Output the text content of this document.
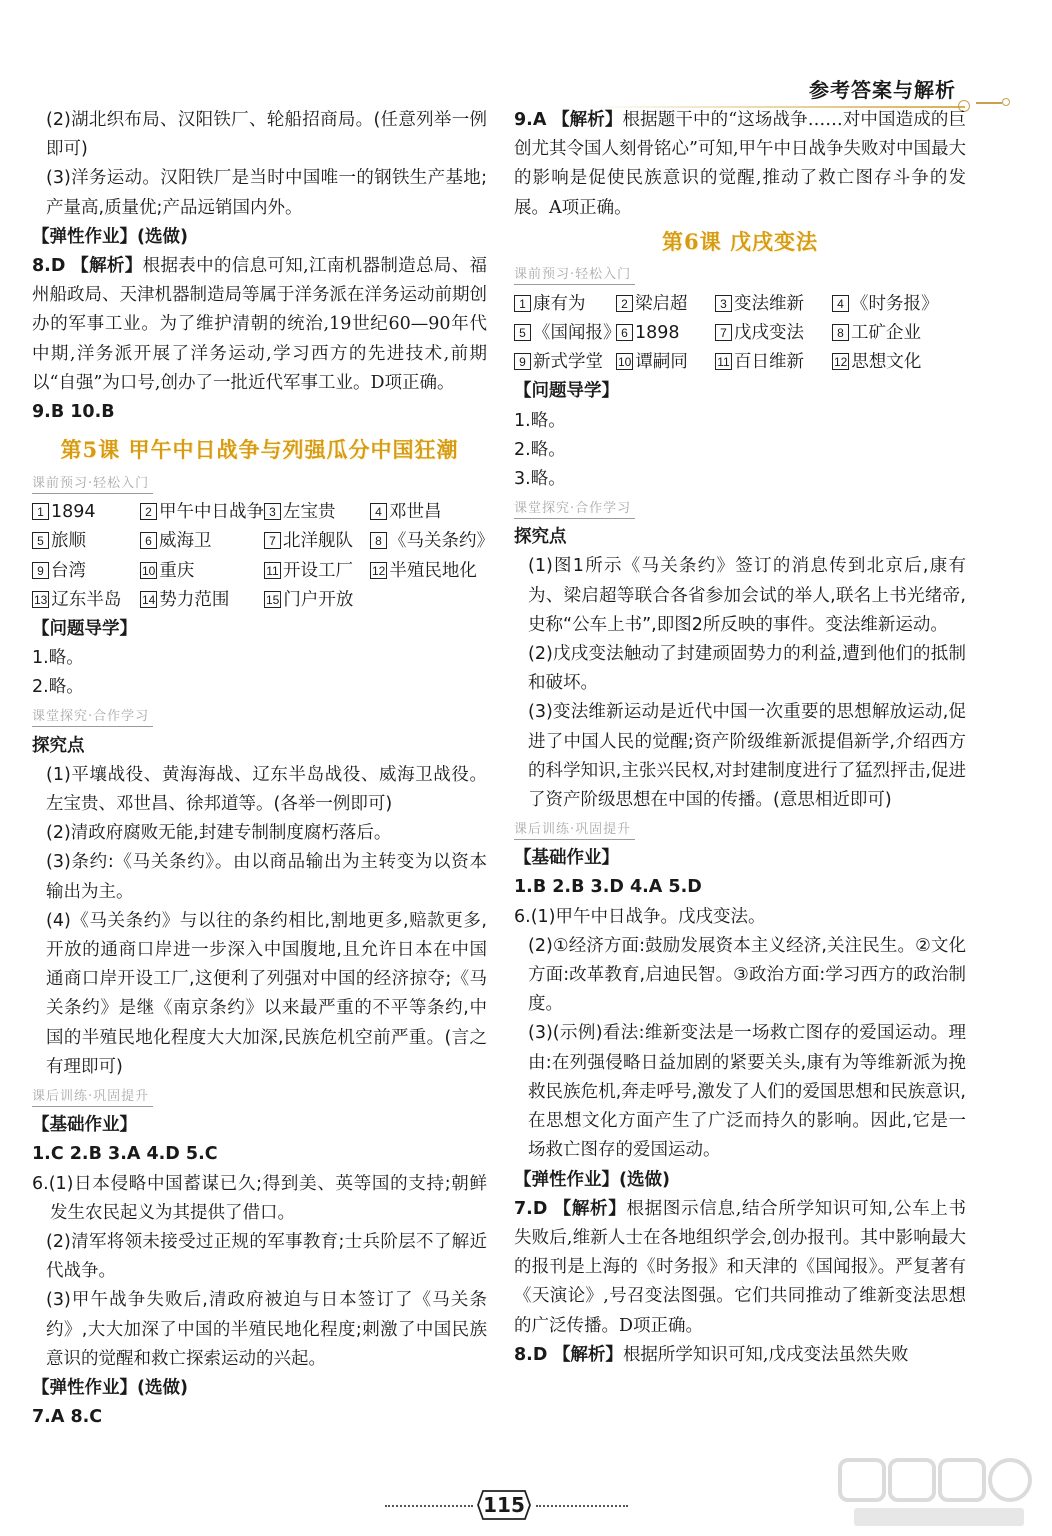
参考答案与解析

(2)湖北织布局、汉阳铁厂、轮船招商局。(任意列举一例即可)

(3)洋务运动。汉阳铁厂是当时中国唯一的钢铁生产基地;产量高,质量优;产品远销国内外。

【弹性作业】(选做)

8.D 【解析】根据表中的信息可知,江南机器制造总局、福州船政局、天津机器制造局等属于洋务派在洋务运动前期创办的军事工业。为了维护清朝的统治,19世纪60—90年代中期,洋务派开展了洋务运动,学习西方的先进技术,前期以“自强”为口号,创办了一批近代军事工业。D项正确。

9.B 10.B

第5课 甲午中日战争与列强瓜分中国狂潮
课前预习·轻松入门
1 1894	2 甲午中日战争 3 左宝贵	4 邓世昌
5 旅顺	6 威海卫	7 北洋舰队	8 《马关条约》
9 台湾	10 重庆	11 开设工厂	12 半殖民地化
13 辽东半岛	14 势力范围	15 门户开放

【问题导学】

1.略。

2.略。

课堂探究·合作学习

探究点

(1)平壤战役、黄海海战、辽东半岛战役、威海卫战役。左宝贵、邓世昌、徐邦道等。(各举一例即可)

(2)清政府腐败无能,封建专制制度腐朽落后。

(3)条约:《马关条约》。由以商品输出为主转变为以资本输出为主。

(4)《马关条约》与以往的条约相比,割地更多,赔款更多,开放的通商口岸进一步深入中国腹地,且允许日本在中国通商口岸开设工厂,这便利了列强对中国的经济掠夺;《马关条约》是继《南京条约》以来最严重的不平等条约,中国的半殖民地化程度大大加深,民族危机空前严重。(言之有理即可)

课后训练·巩固提升

【基础作业】

1.C 2.B 3.A 4.D 5.C

6.(1)日本侵略中国蓄谋已久;得到美、英等国的支持;朝鲜发生农民起义为其提供了借口。

(2)清军将领未接受过正规的军事教育;士兵阶层不了解近代战争。

(3)甲午战争失败后,清政府被迫与日本签订了《马关条约》,大大加深了中国的半殖民地化程度;刺激了中国民族意识的觉醒和救亡探索运动的兴起。

【弹性作业】(选做)

7.A 8.C

9.A 【解析】根据题干中的“这场战争……对中国造成的巨创尤其令国人刻骨铭心”可知,甲午中日战争失败对中国最大的影响是促使民族意识的觉醒,推动了救亡图存斗争的发展。A项正确。

第6课 戊戌变法
课前预习·轻松入门
1 康有为	2 梁启超	3 变法维新	4 《时务报》
5 《国闻报》 6 1898	7 戊戌变法	8 工矿企业
9 新式学堂	10 谭嗣同	11 百日维新	12 思想文化

【问题导学】

1.略。

2.略。

3.略。

课堂探究·合作学习

探究点

(1)图1所示《马关条约》签订的消息传到北京后,康有为、梁启超等联合各省参加会试的举人,联名上书光绪帝,史称“公车上书”,即图2所反映的事件。变法维新运动。

(2)戊戌变法触动了封建顽固势力的利益,遭到他们的抵制和破坏。

(3)变法维新运动是近代中国一次重要的思想解放运动,促进了中国人民的觉醒;资产阶级维新派提倡新学,介绍西方的科学知识,主张兴民权,对封建制度进行了猛烈抨击,促进了资产阶级思想在中国的传播。(意思相近即可)

课后训练·巩固提升

【基础作业】

1.B 2.B 3.D 4.A 5.D

6.(1)甲午中日战争。戊戌变法。

(2)①经济方面:鼓励发展资本主义经济,关注民生。②文化方面:改革教育,启迪民智。③政治方面:学习西方的政治制度。

(3)(示例)看法:维新变法是一场救亡图存的爱国运动。理由:在列强侵略日益加剧的紧要关头,康有为等维新派为挽救民族危机,奔走呼号,激发了人们的爱国思想和民族意识,在思想文化方面产生了广泛而持久的影响。因此,它是一场救亡图存的爱国运动。

【弹性作业】(选做)

7.D 【解析】根据图示信息,结合所学知识可知,公车上书失败后,维新人士在各地组织学会,创办报刊。其中影响最大的报刊是上海的《时务报》和天津的《国闻报》。严复著有《天演论》,号召变法图强。它们共同推动了维新变法思想的广泛传播。D项正确。

8.D 【解析】根据所学知识可知,戊戌变法虽然失败

115
